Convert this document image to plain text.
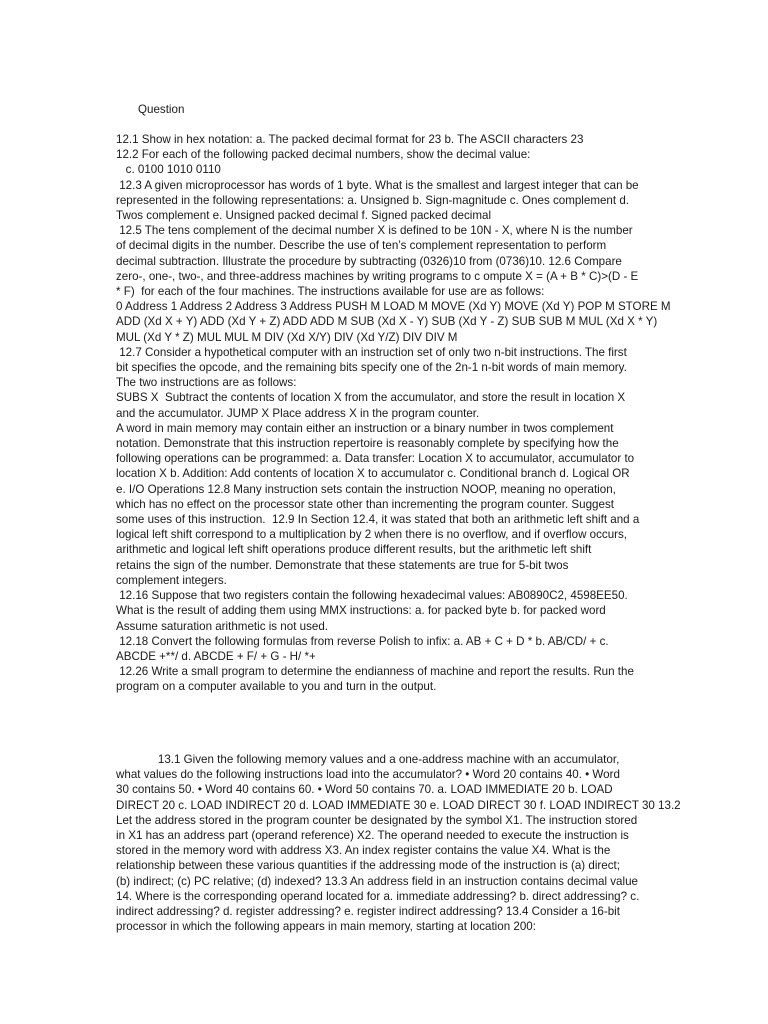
Question

12.1 Show in hex notation: a. The packed decimal format for 23 b. The ASCII characters 23

12.2 For each of the following packed decimal numbers, show the decimal value:

c. 0100 1010 0110

12.3 A given microprocessor has words of 1 byte. What is the smallest and largest integer that can be

represented in the following representations: a. Unsigned b. Sign-magnitude c. Ones complement d.

Twos complement e. Unsigned packed decimal f. Signed packed decimal

12.5 The tens complement of the decimal number X is defined to be 10N - X, where N is the number

of decimal digits in the number. Describe the use of ten’s complement representation to perform

decimal subtraction. Illustrate the procedure by subtracting (0326)10 from (0736)10. 12.6 Compare

zero-, one-, two-, and three-address machines by writing programs to c ompute X = (A + B * C)>(D - E

* F)  for each of the four machines. The instructions available for use are as follows:

0 Address 1 Address 2 Address 3 Address PUSH M LOAD M MOVE (Xd Y) MOVE (Xd Y) POP M STORE M

ADD (Xd X + Y) ADD (Xd Y + Z) ADD ADD M SUB (Xd X - Y) SUB (Xd Y - Z) SUB SUB M MUL (Xd X * Y)

MUL (Xd Y * Z) MUL MUL M DIV (Xd X/Y) DIV (Xd Y/Z) DIV DIV M

12.7 Consider a hypothetical computer with an instruction set of only two n-bit instructions. The first

bit specifies the opcode, and the remaining bits specify one of the 2n-1 n-bit words of main memory.

The two instructions are as follows:

SUBS X  Subtract the contents of location X from the accumulator, and store the result in location X

and the accumulator. JUMP X Place address X in the program counter.

A word in main memory may contain either an instruction or a binary number in twos complement

notation. Demonstrate that this instruction repertoire is reasonably complete by specifying how the

following operations can be programmed: a. Data transfer: Location X to accumulator, accumulator to

location X b. Addition: Add contents of location X to accumulator c. Conditional branch d. Logical OR

e. I/O Operations 12.8 Many instruction sets contain the instruction NOOP, meaning no operation,

which has no effect on the processor state other than incrementing the program counter. Suggest

some uses of this instruction.  12.9 In Section 12.4, it was stated that both an arithmetic left shift and a

logical left shift correspond to a multiplication by 2 when there is no overflow, and if overflow occurs,

arithmetic and logical left shift operations produce different results, but the arithmetic left shift

retains the sign of the number. Demonstrate that these statements are true for 5-bit twos

complement integers.

12.16 Suppose that two registers contain the following hexadecimal values: AB0890C2, 4598EE50.

What is the result of adding them using MMX instructions: a. for packed byte b. for packed word

Assume saturation arithmetic is not used.

12.18 Convert the following formulas from reverse Polish to infix: a. AB + C + D * b. AB/CD/ + c.

ABCDE +**/ d. ABCDE + F/ + G - H/ *+

12.26 Write a small program to determine the endianness of machine and report the results. Run the

program on a computer available to you and turn in the output.

13.1 Given the following memory values and a one-address machine with an accumulator,

what values do the following instructions load into the accumulator? • Word 20 contains 40. • Word

30 contains 50. • Word 40 contains 60. • Word 50 contains 70. a. LOAD IMMEDIATE 20 b. LOAD

DIRECT 20 c. LOAD INDIRECT 20 d. LOAD IMMEDIATE 30 e. LOAD DIRECT 30 f. LOAD INDIRECT 30 13.2

Let the address stored in the program counter be designated by the symbol X1. The instruction stored

in X1 has an address part (operand reference) X2. The operand needed to execute the instruction is

stored in the memory word with address X3. An index register contains the value X4. What is the

relationship between these various quantities if the addressing mode of the instruction is (a) direct;

(b) indirect; (c) PC relative; (d) indexed? 13.3 An address field in an instruction contains decimal value

14. Where is the corresponding operand located for a. immediate addressing? b. direct addressing? c.

indirect addressing? d. register addressing? e. register indirect addressing? 13.4 Consider a 16-bit

processor in which the following appears in main memory, starting at location 200:
